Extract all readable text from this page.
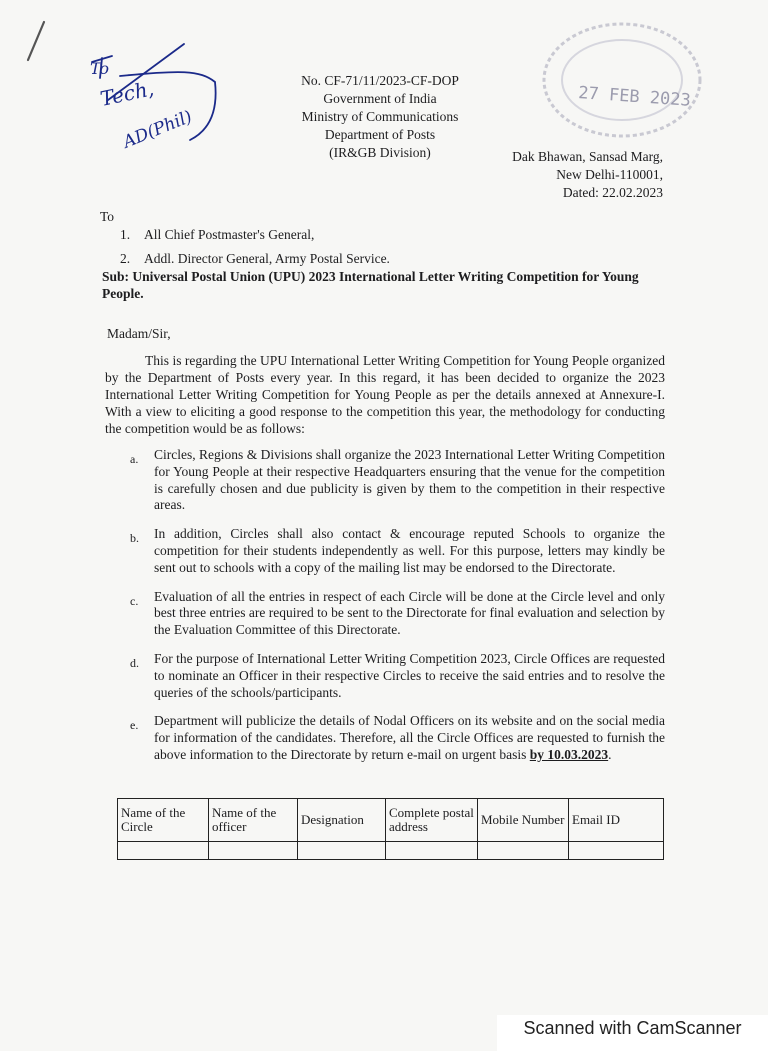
To
Tech,
AD(Phil)
27 FEB 2023
No. CF-71/11/2023-CF-DOP
Government of India
Ministry of Communications
Department of Posts
(IR&GB Division)	Dak Bhawan, Sansad Marg,
New Delhi-110001,
Dated: 22.02.2023
To
1. All Chief Postmaster's General,
2. Addl. Director General, Army Postal Service.
Sub: Universal Postal Union (UPU) 2023 International Letter Writing Competition for Young People.
Madam/Sir,
This is regarding the UPU International Letter Writing Competition for Young People organized by the Department of Posts every year. In this regard, it has been decided to organize the 2023 International Letter Writing Competition for Young People as per the details annexed at Annexure-I. With a view to eliciting a good response to the competition this year, the methodology for conducting the competition would be as follows:
a. Circles, Regions & Divisions shall organize the 2023 International Letter Writing Competition for Young People at their respective Headquarters ensuring that the venue for the competition is carefully chosen and due publicity is given by them to the competition in their respective areas.
b. In addition, Circles shall also contact & encourage reputed Schools to organize the competition for their students independently as well. For this purpose, letters may kindly be sent out to schools with a copy of the mailing list may be endorsed to the Directorate.
c. Evaluation of all the entries in respect of each Circle will be done at the Circle level and only best three entries are required to be sent to the Directorate for final evaluation and selection by the Evaluation Committee of this Directorate.
d. For the purpose of International Letter Writing Competition 2023, Circle Offices are requested to nominate an Officer in their respective Circles to receive the said entries and to resolve the queries of the schools/participants.
e. Department will publicize the details of Nodal Officers on its website and on the social media for information of the candidates. Therefore, all the Circle Offices are requested to furnish the above information to the Directorate by return e-mail on urgent basis by 10.03.2023.
Name of the Circle	Name of the officer	Designation	Complete postal address	Mobile Number	Email ID

Scanned with CamScanner
